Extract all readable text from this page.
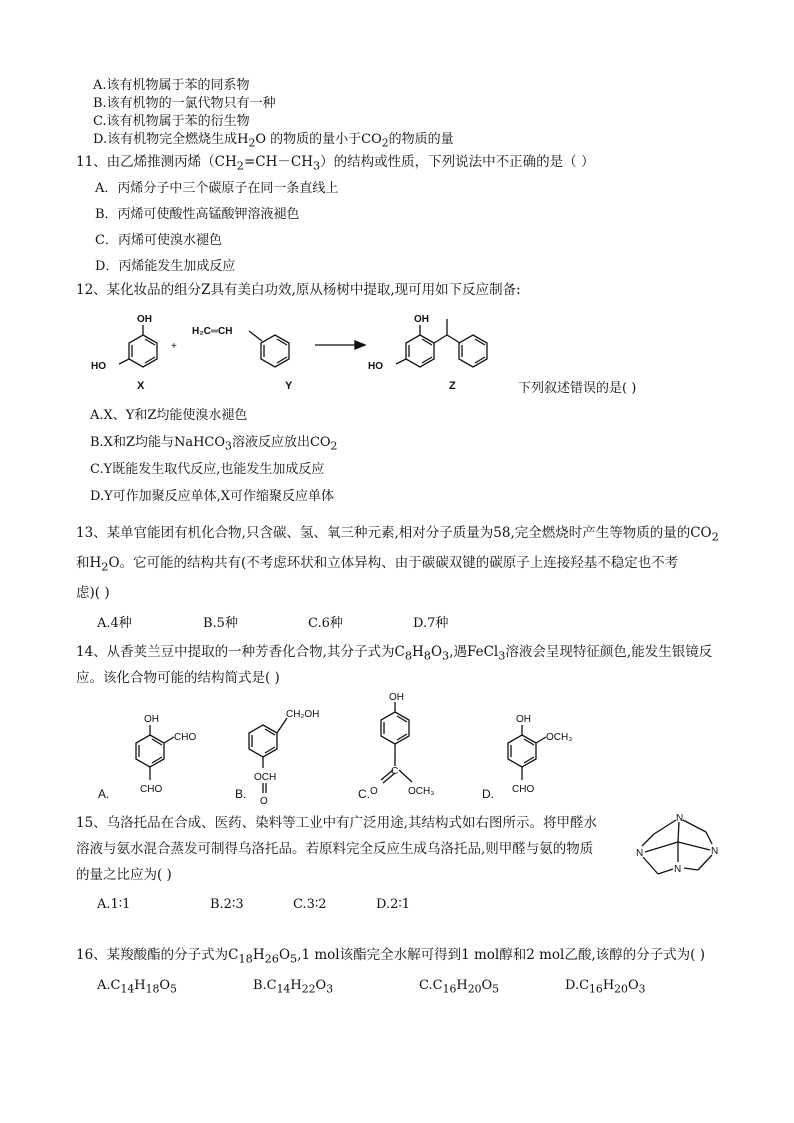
A.该有机物属于苯的同系物
B.该有机物的一氯代物只有一种
C.该有机物属于苯的衍生物
D.该有机物完全燃烧生成$H_2O$ 的物质的量小于$CO_2$的物质的量
11、由乙烯推测丙烯$(CH_2=CH-CH_3)$的结构或性质，下列说法中不正确的是（ ）
A．丙烯分子中三个碳原子在同一条直线上
B．丙烯可使酸性高锰酸钾溶液褪色
C．丙烯可使溴水褪色
D．丙烯能发生加成反应
12、某化妆品的组分Z具有美白功效,原从杨树中提取,现可用如下反应制备:
OH
HO
X
+
H₂C═CH
Y
OH
HO
Z	下列叙述错误的是( )
A.X、Y和Z均能使溴水褪色
B.X和Z均能与NaHCO$_3$溶液反应放出$CO_2$
C.Y既能发生取代反应,也能发生加成反应
D.Y可作加聚反应单体,X可作缩聚反应单体
13、某单官能团有机化合物,只含碳、氢、氧三种元素,相对分子质量为58,完全燃烧时产生等物质的量的$CO_2$
和$H_2O$。它可能的结构共有(不考虑环状和立体异构、由于碳碳双键的碳原子上连接羟基不稳定也不考
虑)( )
A.4种	B.5种	C.6种	D.7种
14、从香荚兰豆中提取的一种芳香化合物,其分子式为$C_8H_8O_3$,遇FeCl$_3$溶液会呈现特征颜色,能发生银镜反
应。该化合物可能的结构简式是( )
A.
OH
CHO
CHO	B.
CH₂OH
OCH
O
C.
OH
C
O	OCH₃	D.
OH
OCH₃
CHO
15、乌洛托品在合成、医药、染料等工业中有广泛用途,其结构式如右图所示。将甲醛水
溶液与氨水混合蒸发可制得乌洛托品。若原料完全反应生成乌洛托品,则甲醛与氨的物质
的量之比应为( )
N
N	N
N
A.1∶1	B.2∶3	C.3∶2	D.2∶1
16、某羧酸酯的分子式为$C_{18}H_{26}O_5,1$ mol该酯完全水解可得到1 mol醇和2 mol乙酸,该醇的分子式为( )
$A.C_{14}H_{18}O_5$	$B.C_{14}H_{22}O_3$	$C.C_{16}H_{20}O_5$	$D.C_{16}H_{20}O_3$
